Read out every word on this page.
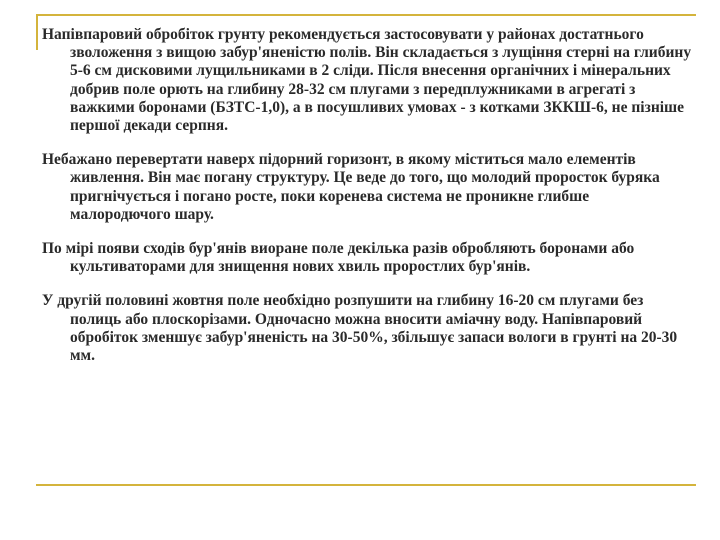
Напівпаровий обробіток грунту рекомендується застосовувати у районах достатнього зволоження з вищою забур'яненістю полів. Він складається з лущіння стерні на глибину 5-6 см дисковими лущильниками в 2 сліди. Після внесення органічних і мінеральних добрив поле орють на глибину 28-32 см плугами з передплужниками в агрегаті з важкими боронами (БЗТС-1,0), а в посушливих умовах - з котками ЗККШ-6, не пізніше першої декади серпня.

Небажано перевертати наверх підорний горизонт, в якому міститься мало елементів живлення. Він має погану структуру. Це веде до того, що молодий проросток буряка пригнічується і погано росте, поки коренева система не проникне глибше малородючого шару.

По мірі появи сходів бур'янів виоране поле декілька разів обробляють боронами або культиваторами для знищення нових хвиль проростлих бур'янів.

У другій половині жовтня поле необхідно розпушити на глибину 16-20 см плугами без полиць або плоскорізами. Одночасно можна вносити аміачну воду. Напівпаровий обробіток зменшує забур'яненість на 30-50%, збільшує запаси вологи в грунті на 20-30 мм.
